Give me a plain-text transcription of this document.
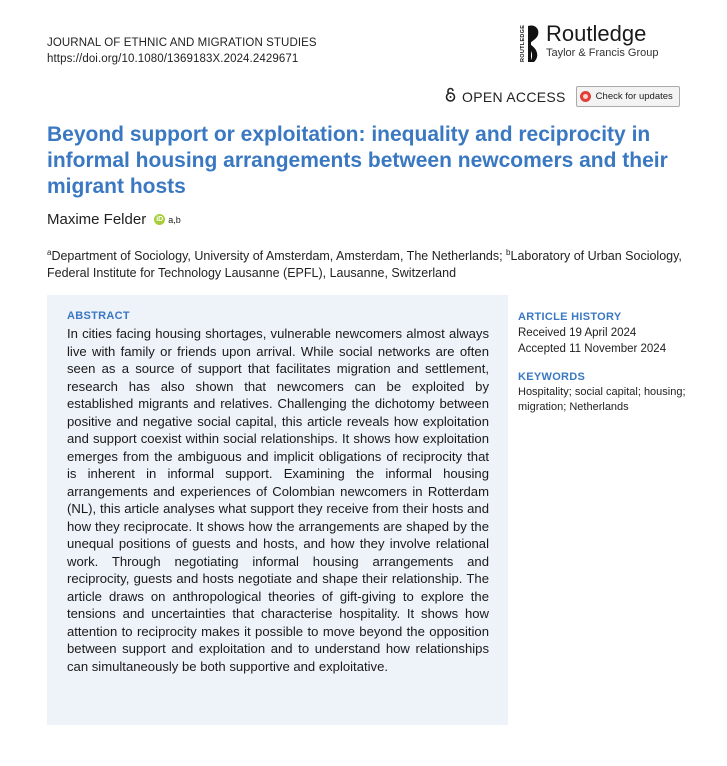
JOURNAL OF ETHNIC AND MIGRATION STUDIES
https://doi.org/10.1080/1369183X.2024.2429671	ROUTLEDGE Routledge
Taylor & Francis Group
OPEN ACCESS	Check for updates
Beyond support or exploitation: inequality and reciprocity in informal housing arrangements between newcomers and their migrant hosts
Maxime Felder iD a,b
$^a$Department of Sociology, University of Amsterdam, Amsterdam, The Netherlands; $^b$Laboratory of Urban Sociology, Federal Institute for Technology Lausanne (EPFL), Lausanne, Switzerland
ABSTRACT

In cities facing housing shortages, vulnerable newcomers almost always live with family or friends upon arrival. While social networks are often seen as a source of support that facilitates migration and settlement, research has also shown that newcomers can be exploited by established migrants and relatives. Challenging the dichotomy between positive and negative social capital, this article reveals how exploitation and support coexist within social relationships. It shows how exploitation emerges from the ambiguous and implicit obligations of reciprocity that is inherent in informal support. Examining the informal housing arrangements and experiences of Colombian newcomers in Rotterdam (NL), this article analyses what support they receive from their hosts and how they reciprocate. It shows how the arrangements are shaped by the unequal positions of guests and hosts, and how they involve relational work. Through negotiating informal housing arrangements and reciprocity, guests and hosts negotiate and shape their relationship. The article draws on anthropological theories of gift-giving to explore the tensions and uncertainties that characterise hospitality. It shows how attention to reciprocity makes it possible to move beyond the opposition between support and exploitation and to understand how relationships can simultaneously be both supportive and exploitative.

ARTICLE HISTORY
Received 19 April 2024
Accepted 11 November 2024
KEYWORDS
Hospitality; social capital; housing; migration; Netherlands
